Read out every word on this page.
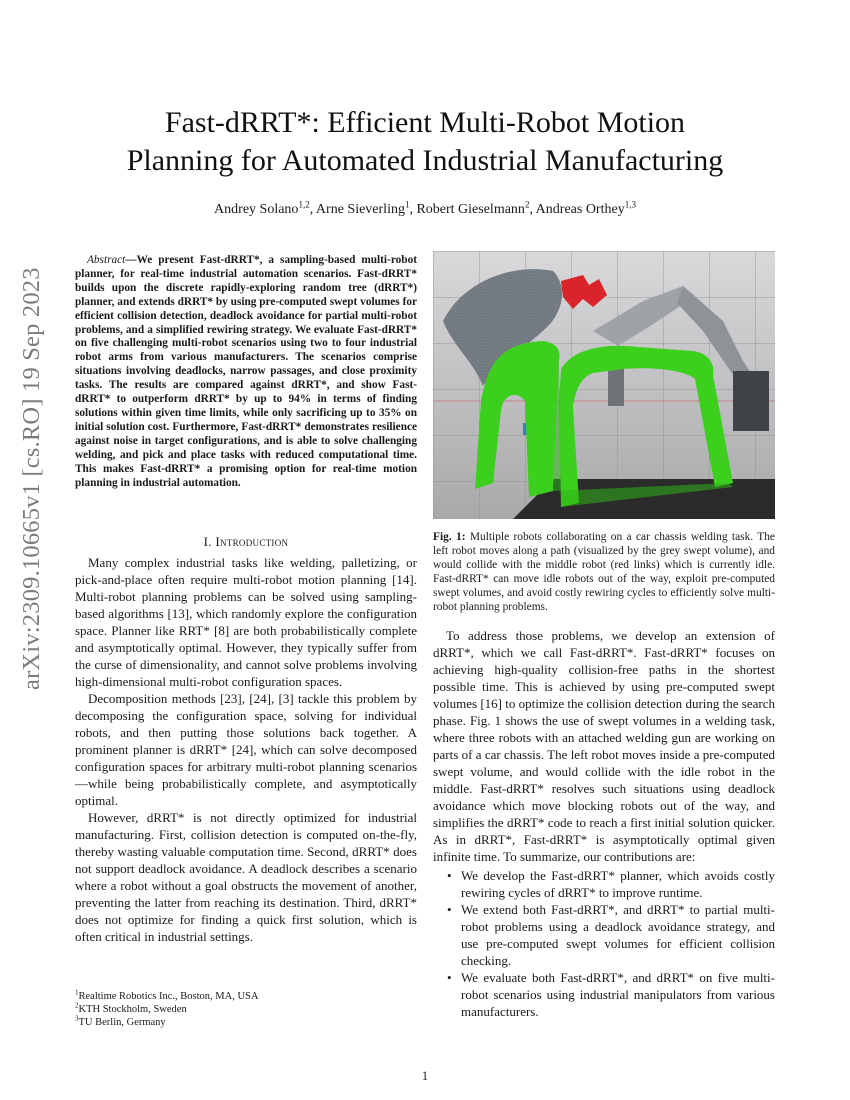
arXiv:2309.10665v1 [cs.RO] 19 Sep 2023
Fast-dRRT*: Efficient Multi-Robot Motion
Planning for Automated Industrial Manufacturing
Andrey Solano$^{1,2}$, Arne Sieverling$^1$, Robert Gieselmann$^2$, Andreas Orthey$^{1,3}$
Abstract—We present Fast-dRRT*, a sampling-based multi-robot planner, for real-time industrial automation scenarios. Fast-dRRT* builds upon the discrete rapidly-exploring random tree (dRRT*) planner, and extends dRRT* by using pre-computed swept volumes for efficient collision detection, deadlock avoidance for partial multi-robot problems, and a simplified rewiring strategy. We evaluate Fast-dRRT* on five challenging multi-robot scenarios using two to four industrial robot arms from various manufacturers. The scenarios comprise situations involving deadlocks, narrow passages, and close proximity tasks. The results are compared against dRRT*, and show Fast-dRRT* to outperform dRRT* by up to 94% in terms of finding solutions within given time limits, while only sacrificing up to 35% on initial solution cost. Furthermore, Fast-dRRT* demonstrates resilience against noise in target configurations, and is able to solve challenging welding, and pick and place tasks with reduced computational time. This makes Fast-dRRT* a promising option for real-time motion planning in industrial automation.
I. Introduction

Many complex industrial tasks like welding, palletizing, or pick-and-place often require multi-robot motion planning [14]. Multi-robot planning problems can be solved using sampling-based algorithms [13], which randomly explore the configuration space. Planner like RRT* [8] are both probabilistically complete and asymptotically optimal. However, they typically suffer from the curse of dimensionality, and cannot solve problems involving high-dimensional multi-robot configuration spaces.

Decomposition methods [23], [24], [3] tackle this problem by decomposing the configuration space, solving for individual robots, and then putting those solutions back together. A prominent planner is dRRT* [24], which can solve decomposed configuration spaces for arbitrary multi-robot planning scenarios—while being probabilistically complete, and asymptotically optimal.

However, dRRT* is not directly optimized for industrial manufacturing. First, collision detection is computed on-the-fly, thereby wasting valuable computation time. Second, dRRT* does not support deadlock avoidance. A deadlock describes a scenario where a robot without a goal obstructs the movement of another, preventing the latter from reaching its destination. Third, dRRT* does not optimize for finding a quick first solution, which is often critical in industrial settings.

Fig. 1: Multiple robots collaborating on a car chassis welding task. The left robot moves along a path (visualized by the grey swept volume), and would collide with the middle robot (red links) which is currently idle. Fast-dRRT* can move idle robots out of the way, exploit pre-computed swept volumes, and avoid costly rewiring cycles to efficiently solve multi-robot planning problems.

To address those problems, we develop an extension of dRRT*, which we call Fast-dRRT*. Fast-dRRT* focuses on achieving high-quality collision-free paths in the shortest possible time. This is achieved by using pre-computed swept volumes [16] to optimize the collision detection during the search phase. Fig. 1 shows the use of swept volumes in a welding task, where three robots with an attached welding gun are working on parts of a car chassis. The left robot moves inside a pre-computed swept volume, and would collide with the idle robot in the middle. Fast-dRRT* resolves such situations using deadlock avoidance which move blocking robots out of the way, and simplifies the dRRT* code to reach a first initial solution quicker. As in dRRT*, Fast-dRRT* is asymptotically optimal given infinite time. To summarize, our contributions are:

• We develop the Fast-dRRT* planner, which avoids costly rewiring cycles of dRRT* to improve runtime.
• We extend both Fast-dRRT*, and dRRT* to partial multi-robot problems using a deadlock avoidance strategy, and use pre-computed swept volumes for efficient collision checking.
• We evaluate both Fast-dRRT*, and dRRT* on five multi-robot scenarios using industrial manipulators from various manufacturers.
$^1$Realtime Robotics Inc., Boston, MA, USA
$^2$KTH Stockholm, Sweden
$^3$TU Berlin, Germany
1
